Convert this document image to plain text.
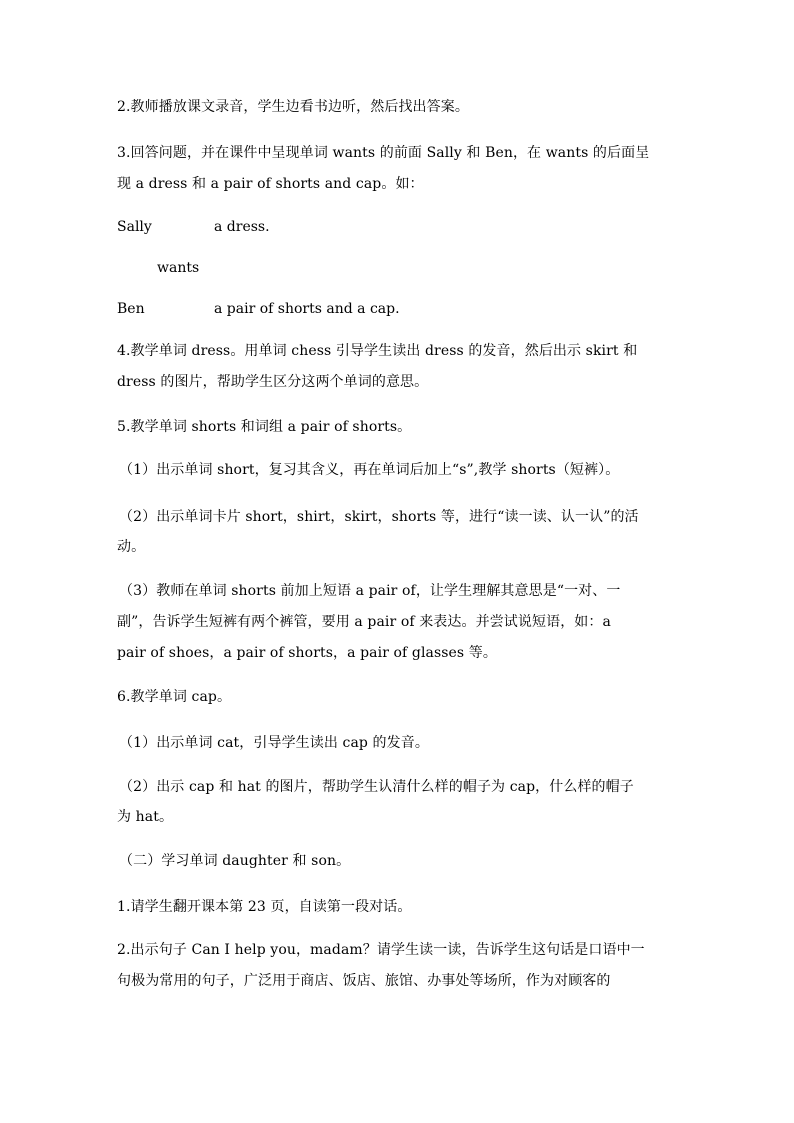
2.教师播放课文录音，学生边看书边听，然后找出答案。
3.回答问题，并在课件中呈现单词 wants 的前面 Sally 和 Ben，在 wants 的后面呈
现 a dress 和 a pair of shorts and cap。如：
Sally	a dress.
wants
Ben	a pair of shorts and a cap.
4.教学单词 dress。用单词 chess 引导学生读出 dress 的发音，然后出示 skirt 和
dress 的图片，帮助学生区分这两个单词的意思。
5.教学单词 shorts 和词组 a pair of shorts。
（1）出示单词 short，复习其含义，再在单词后加上“s”,教学 shorts（短裤）。
（2）出示单词卡片 short，shirt，skirt，shorts 等，进行“读一读、认一认”的活
动。
（3）教师在单词 shorts 前加上短语 a pair of，让学生理解其意思是“一对、一
副”，告诉学生短裤有两个裤管，要用 a pair of 来表达。并尝试说短语，如：a
pair of shoes，a pair of shorts，a pair of glasses 等。
6.教学单词 cap。
（1）出示单词 cat，引导学生读出 cap 的发音。
（2）出示 cap 和 hat 的图片，帮助学生认清什么样的帽子为 cap，什么样的帽子
为 hat。
（二）学习单词 daughter 和 son。
1.请学生翻开课本第 23 页，自读第一段对话。
2.出示句子 Can I help you，madam？请学生读一读，告诉学生这句话是口语中一
句极为常用的句子，广泛用于商店、饭店、旅馆、办事处等场所，作为对顾客的
